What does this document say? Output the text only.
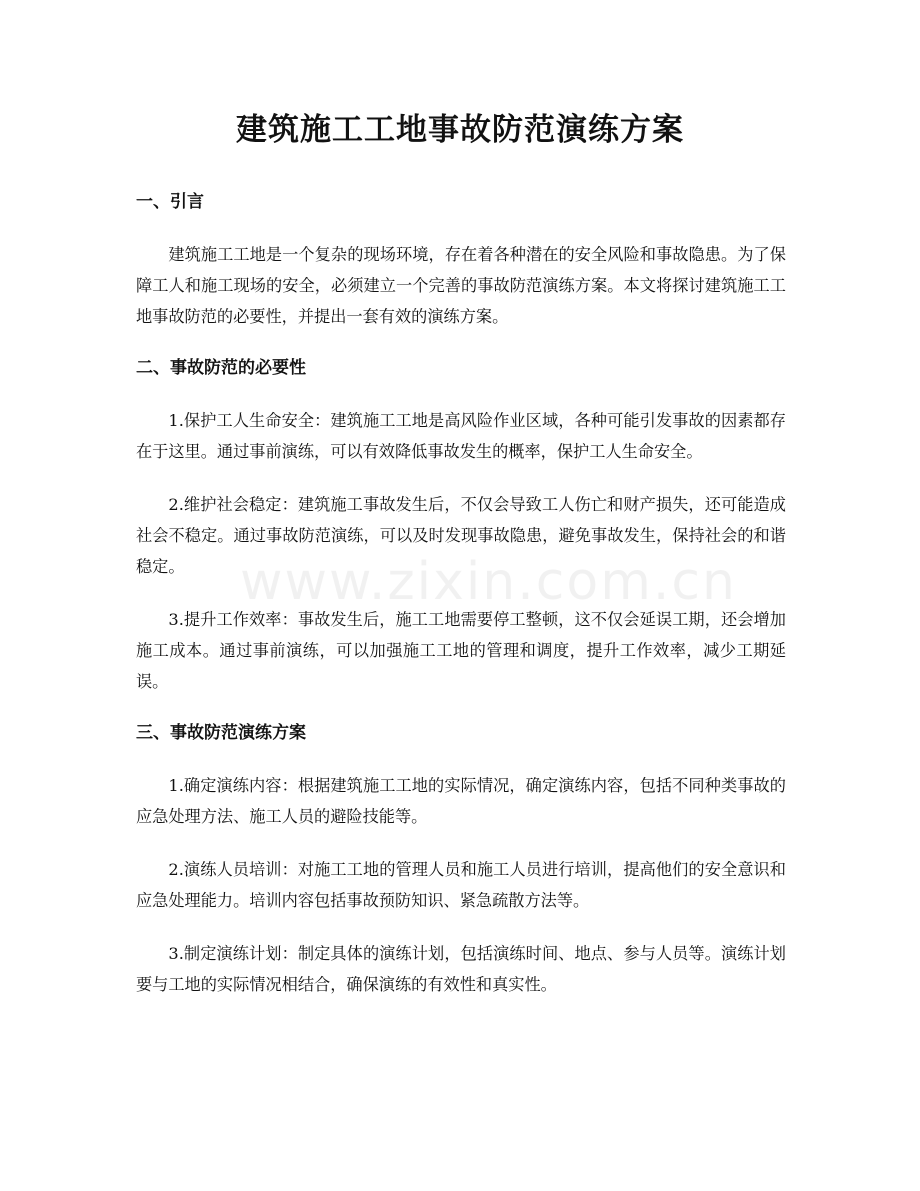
建筑施工工地事故防范演练方案
一、引言

建筑施工工地是一个复杂的现场环境，存在着各种潜在的安全风险和事故隐患。为了保障工人和施工现场的安全，必须建立一个完善的事故防范演练方案。本文将探讨建筑施工工地事故防范的必要性，并提出一套有效的演练方案。

二、事故防范的必要性

1.保护工人生命安全：建筑施工工地是高风险作业区域，各种可能引发事故的因素都存在于这里。通过事前演练，可以有效降低事故发生的概率，保护工人生命安全。

2.维护社会稳定：建筑施工事故发生后，不仅会导致工人伤亡和财产损失，还可能造成社会不稳定。通过事故防范演练，可以及时发现事故隐患，避免事故发生，保持社会的和谐稳定。

3.提升工作效率：事故发生后，施工工地需要停工整顿，这不仅会延误工期，还会增加施工成本。通过事前演练，可以加强施工工地的管理和调度，提升工作效率，减少工期延误。

三、事故防范演练方案

1.确定演练内容：根据建筑施工工地的实际情况，确定演练内容，包括不同种类事故的应急处理方法、施工人员的避险技能等。

2.演练人员培训：对施工工地的管理人员和施工人员进行培训，提高他们的安全意识和应急处理能力。培训内容包括事故预防知识、紧急疏散方法等。

3.制定演练计划：制定具体的演练计划，包括演练时间、地点、参与人员等。演练计划要与工地的实际情况相结合，确保演练的有效性和真实性。

www.zixin.com.cn
